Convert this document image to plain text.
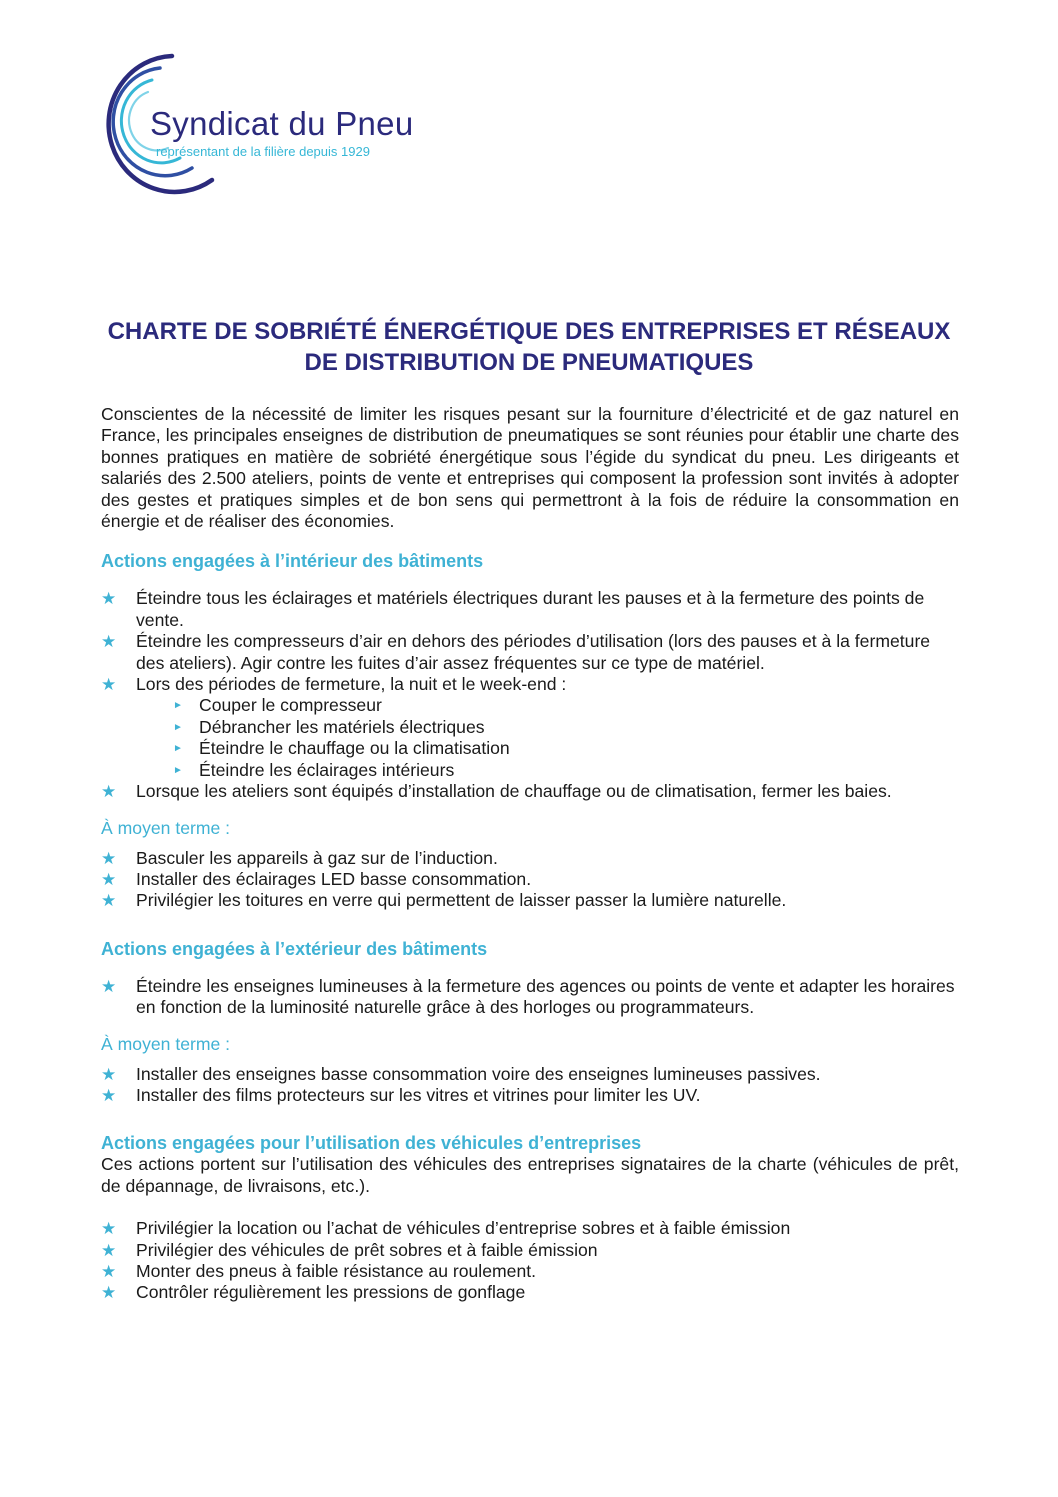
Syndicat du Pneu
représentant de la filière depuis 1929
CHARTE DE SOBRIÉTÉ ÉNERGÉTIQUE DES ENTREPRISES ET RÉSEAUX DE DISTRIBUTION DE PNEUMATIQUES

Conscientes de la nécessité de limiter les risques pesant sur la fourniture d’électricité et de gaz naturel en France, les principales enseignes de distribution de pneumatiques se sont réunies pour établir une charte des bonnes pratiques en matière de sobriété énergétique sous l’égide du syndicat du pneu. Les dirigeants et salariés des 2.500 ateliers, points de vente et entreprises qui composent la profession sont invités à adopter des gestes et pratiques simples et de bon sens qui permettront à la fois de réduire la consommation en énergie et de réaliser des économies.

Actions engagées à l’intérieur des bâtiments
★ Éteindre tous les éclairages et matériels électriques durant les pauses et à la fermeture des points de vente.
★ Éteindre les compresseurs d’air en dehors des périodes d’utilisation (lors des pauses et à la fermeture des ateliers). Agir contre les fuites d’air assez fréquentes sur ce type de matériel.
★ Lors des périodes de fermeture, la nuit et le week-end :
► Couper le compresseur
► Débrancher les matériels électriques
► Éteindre le chauffage ou la climatisation
► Éteindre les éclairages intérieurs
★ Lorsque les ateliers sont équipés d’installation de chauffage ou de climatisation, fermer les baies.
À moyen terme :
★ Basculer les appareils à gaz sur de l’induction.
★ Installer des éclairages LED basse consommation.
★ Privilégier les toitures en verre qui permettent de laisser passer la lumière naturelle.
Actions engagées à l’extérieur des bâtiments
★ Éteindre les enseignes lumineuses à la fermeture des agences ou points de vente et adapter les horaires en fonction de la luminosité naturelle grâce à des horloges ou programmateurs.
À moyen terme :
★ Installer des enseignes basse consommation voire des enseignes lumineuses passives.
★ Installer des films protecteurs sur les vitres et vitrines pour limiter les UV.
Actions engagées pour l’utilisation des véhicules d’entreprises

Ces actions portent sur l’utilisation des véhicules des entreprises signataires de la charte (véhicules de prêt, de dépannage, de livraisons, etc.).

★ Privilégier la location ou l’achat de véhicules d’entreprise sobres et à faible émission
★ Privilégier des véhicules de prêt sobres et à faible émission
★ Monter des pneus à faible résistance au roulement.
★ Contrôler régulièrement les pressions de gonflage
